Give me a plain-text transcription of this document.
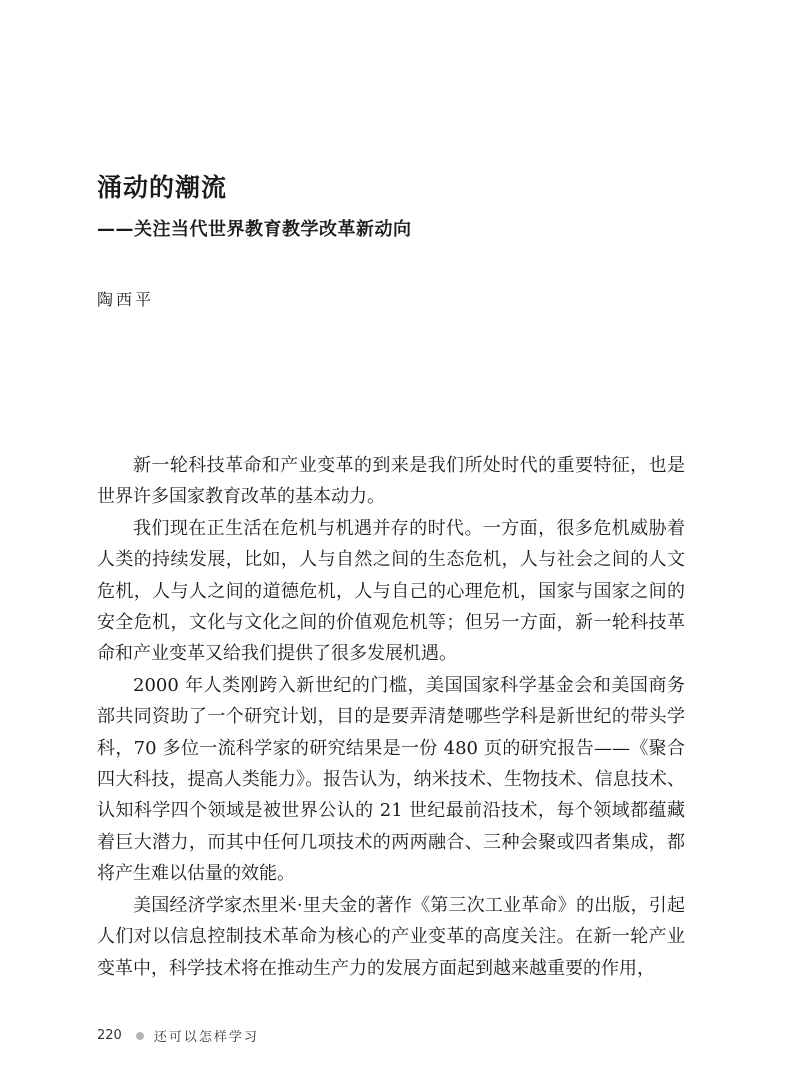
涌动的潮流
——关注当代世界教育教学改革新动向
陶西平

新一轮科技革命和产业变革的到来是我们所处时代的重要特征，也是世界许多国家教育改革的基本动力。

我们现在正生活在危机与机遇并存的时代。一方面，很多危机威胁着人类的持续发展，比如，人与自然之间的生态危机，人与社会之间的人文危机，人与人之间的道德危机，人与自己的心理危机，国家与国家之间的安全危机，文化与文化之间的价值观危机等；但另一方面，新一轮科技革命和产业变革又给我们提供了很多发展机遇。

2000 年人类刚跨入新世纪的门槛，美国国家科学基金会和美国商务部共同资助了一个研究计划，目的是要弄清楚哪些学科是新世纪的带头学科，70 多位一流科学家的研究结果是一份 480 页的研究报告——《聚合四大科技，提高人类能力》。报告认为，纳米技术、生物技术、信息技术、认知科学四个领域是被世界公认的 21 世纪最前沿技术，每个领域都蕴藏着巨大潜力，而其中任何几项技术的两两融合、三种会聚或四者集成，都将产生难以估量的效能。

美国经济学家杰里米·里夫金的著作《第三次工业革命》的出版，引起人们对以信息控制技术革命为核心的产业变革的高度关注。在新一轮产业变革中，科学技术将在推动生产力的发展方面起到越来越重要的作用，

220 还可以怎样学习
